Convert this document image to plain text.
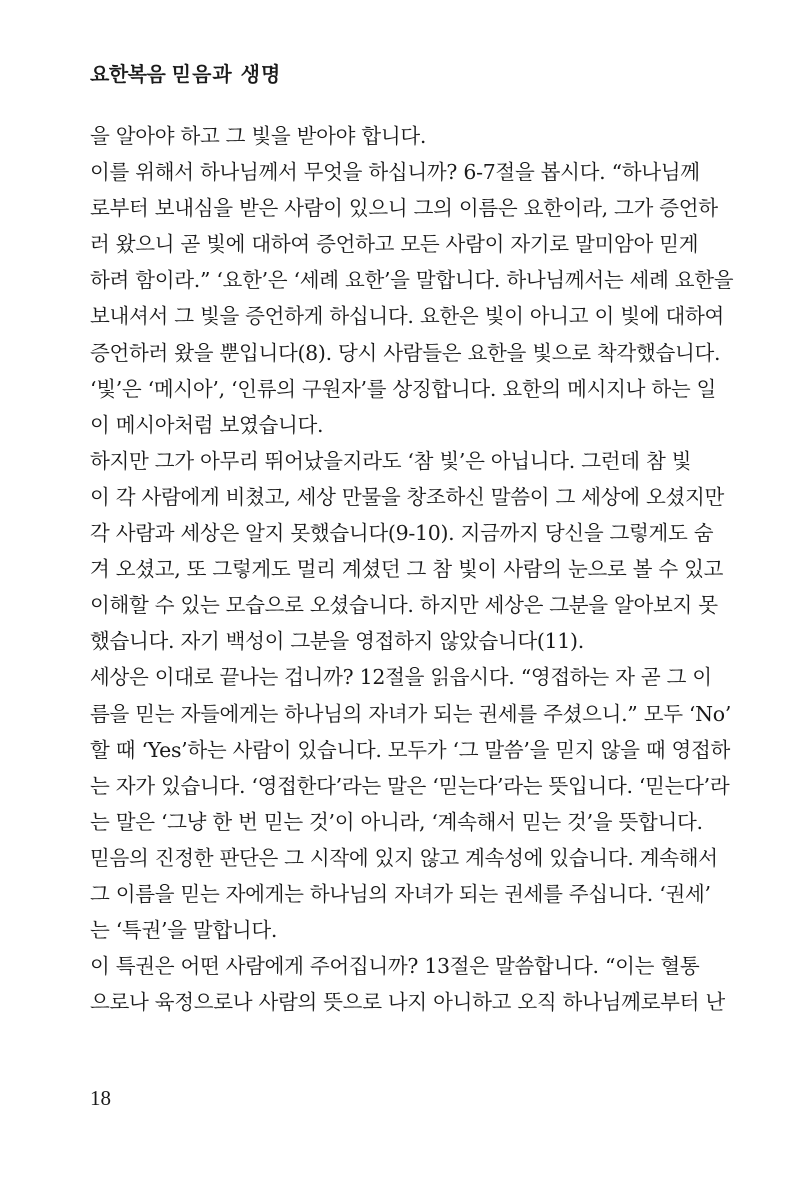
요한복음 믿음과 생명
을 알아야 하고 그 빛을 받아야 합니다.
이를 위해서 하나님께서 무엇을 하십니까? 6-7절을 봅시다. “하나님께
로부터 보내심을 받은 사람이 있으니 그의 이름은 요한이라, 그가 증언하
러 왔으니 곧 빛에 대하여 증언하고 모든 사람이 자기로 말미암아 믿게
하려 함이라.” ‘요한’은 ‘세례 요한’을 말합니다. 하나님께서는 세례 요한을
보내셔서 그 빛을 증언하게 하십니다. 요한은 빛이 아니고 이 빛에 대하여
증언하러 왔을 뿐입니다(8). 당시 사람들은 요한을 빛으로 착각했습니다.
‘빛’은 ‘메시아’, ‘인류의 구원자’를 상징합니다. 요한의 메시지나 하는 일
이 메시아처럼 보였습니다.
하지만 그가 아무리 뛰어났을지라도 ‘참 빛’은 아닙니다. 그런데 참 빛
이 각 사람에게 비쳤고, 세상 만물을 창조하신 말씀이 그 세상에 오셨지만
각 사람과 세상은 알지 못했습니다(9-10). 지금까지 당신을 그렇게도 숨
겨 오셨고, 또 그렇게도 멀리 계셨던 그 참 빛이 사람의 눈으로 볼 수 있고
이해할 수 있는 모습으로 오셨습니다. 하지만 세상은 그분을 알아보지 못
했습니다. 자기 백성이 그분을 영접하지 않았습니다(11).
세상은 이대로 끝나는 겁니까? 12절을 읽읍시다. “영접하는 자 곧 그 이
름을 믿는 자들에게는 하나님의 자녀가 되는 권세를 주셨으니.” 모두 ‘No’
할 때 ‘Yes’하는 사람이 있습니다. 모두가 ‘그 말씀’을 믿지 않을 때 영접하
는 자가 있습니다. ‘영접한다’라는 말은 ‘믿는다’라는 뜻입니다. ‘믿는다’라
는 말은 ‘그냥 한 번 믿는 것’이 아니라, ‘계속해서 믿는 것’을 뜻합니다.
믿음의 진정한 판단은 그 시작에 있지 않고 계속성에 있습니다. 계속해서
그 이름을 믿는 자에게는 하나님의 자녀가 되는 권세를 주십니다. ‘권세’
는 ‘특권’을 말합니다.
이 특권은 어떤 사람에게 주어집니까? 13절은 말씀합니다. “이는 혈통
으로나 육정으로나 사람의 뜻으로 나지 아니하고 오직 하나님께로부터 난
18
